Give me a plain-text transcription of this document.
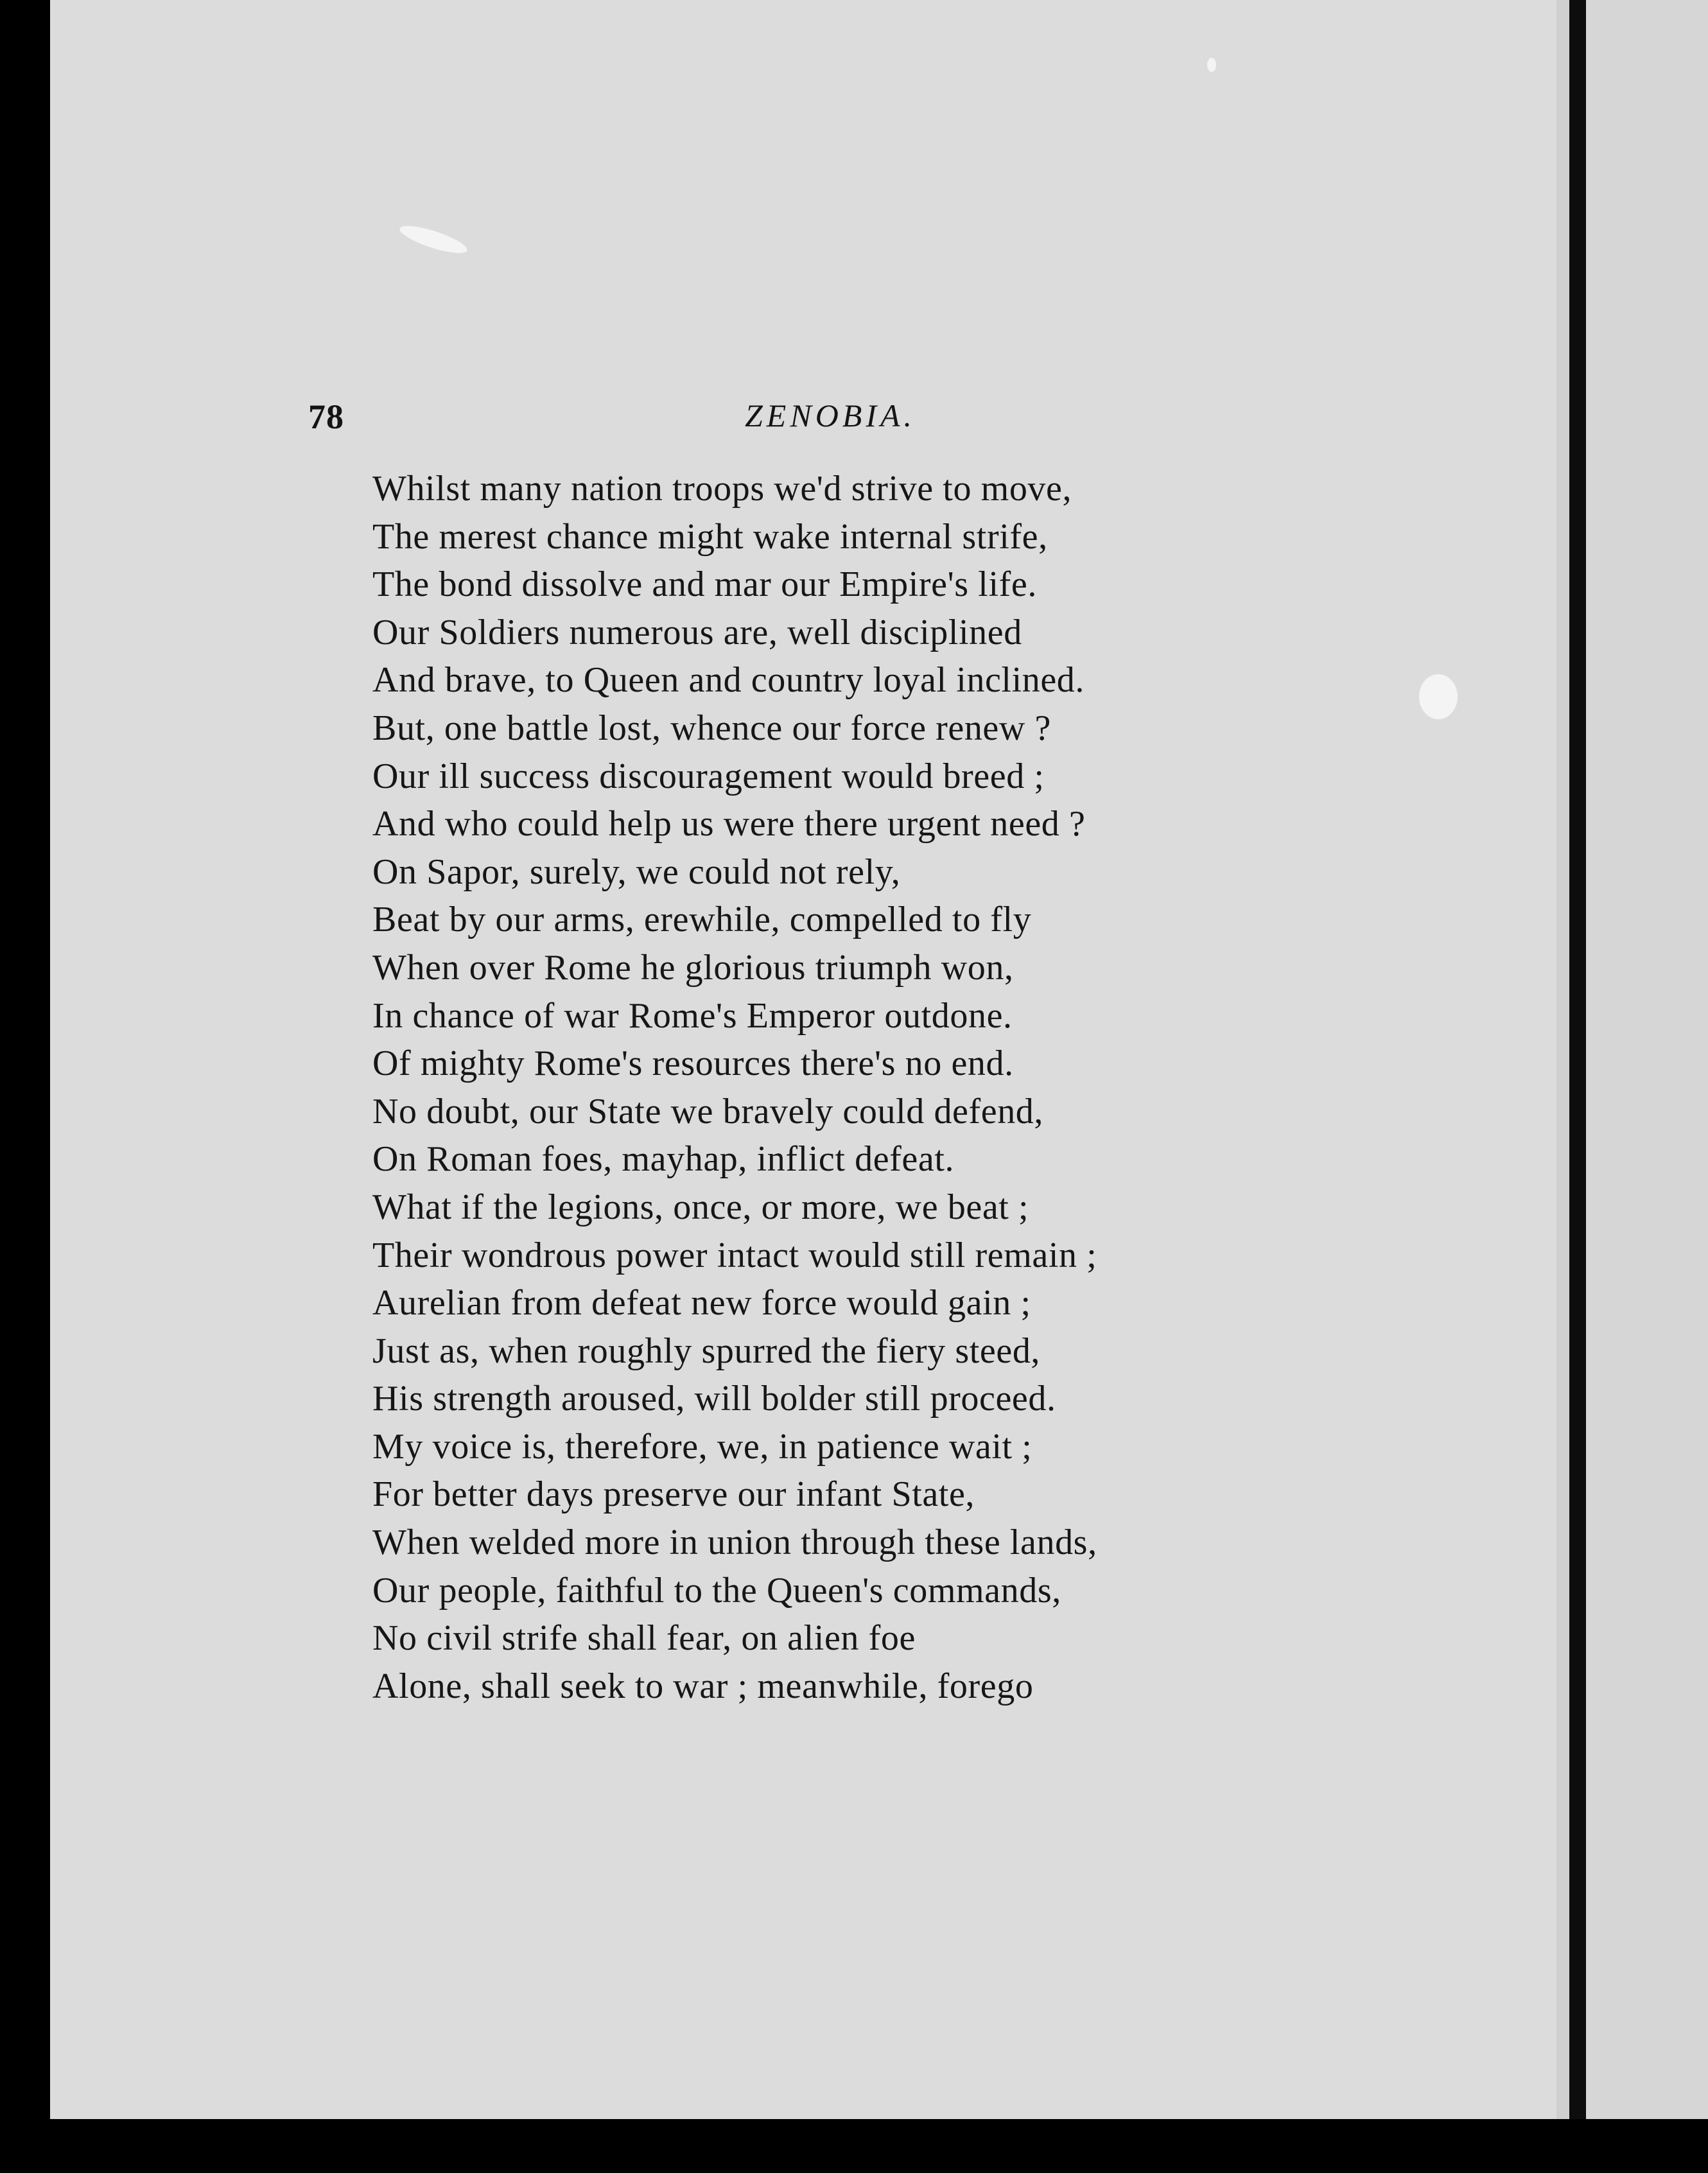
78	ZENOBIA.
Whilst many nation troops we'd strive to move,
The merest chance might wake internal strife,
The bond dissolve and mar our Empire's life.
Our Soldiers numerous are, well disciplined
And brave, to Queen and country loyal inclined.
But, one battle lost, whence our force renew ?
Our ill success discouragement would breed ;
And who could help us were there urgent need ?
On Sapor, surely, we could not rely,
Beat by our arms, erewhile, compelled to fly
When over Rome he glorious triumph won,
In chance of war Rome's Emperor outdone.
Of mighty Rome's resources there's no end.
No doubt, our State we bravely could defend,
On Roman foes, mayhap, inflict defeat.
What if the legions, once, or more, we beat ;
Their wondrous power intact would still remain ;
Aurelian from defeat new force would gain ;
Just as, when roughly spurred the fiery steed,
His strength aroused, will bolder still proceed.
My voice is, therefore, we, in patience wait ;
For better days preserve our infant State,
When welded more in union through these lands,
Our people, faithful to the Queen's commands,
No civil strife shall fear, on alien foe
Alone, shall seek to war ; meanwhile, forego
